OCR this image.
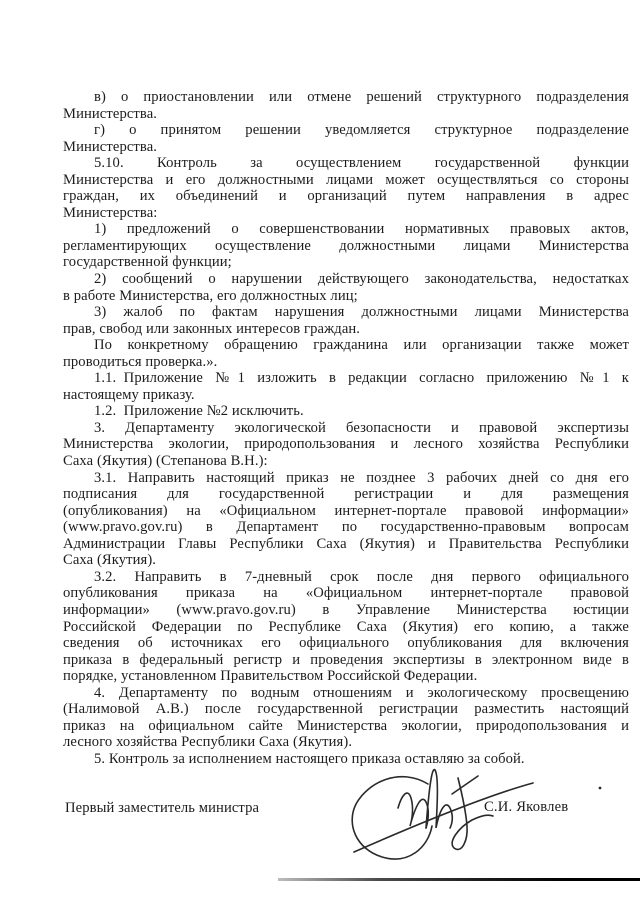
в) о приостановлении или отмене решений структурного подразделения
Министерства.
г) о принятом решении уведомляется структурное подразделение
Министерства.
5.10. Контроль за осуществлением государственной функции
Министерства и его должностными лицами может осуществляться со стороны
граждан, их объединений и организаций путем направления в адрес
Министерства:
1) предложений о совершенствовании нормативных правовых актов,
регламентирующих осуществление должностными лицами Министерства
государственной функции;
2) сообщений о нарушении действующего законодательства, недостатках
в работе Министерства, его должностных лиц;
3) жалоб по фактам нарушения должностными лицами Министерства
прав, свобод или законных интересов граждан.
По конкретному обращению гражданина или организации также может
проводиться проверка.».
1.1. Приложение №1 изложить в редакции согласно приложению №1 к
настоящему приказу.
1.2. Приложение №2 исключить.
3. Департаменту экологической безопасности и правовой экспертизы
Министерства экологии, природопользования и лесного хозяйства Республики
Саха (Якутия) (Степанова В.Н.):
3.1. Направить настоящий приказ не позднее 3 рабочих дней со дня его
подписания для государственной регистрации и для размещения
(опубликования) на «Официальном интернет-портале правовой информации»
(www.pravo.gov.ru) в Департамент по государственно-правовым вопросам
Администрации Главы Республики Саха (Якутия) и Правительства Республики
Саха (Якутия).
3.2. Направить в 7-дневный срок после дня первого официального
опубликования приказа на «Официальном интернет-портале правовой
информации» (www.pravo.gov.ru) в Управление Министерства юстиции
Российской Федерации по Республике Саха (Якутия) его копию, а также
сведения об источниках его официального опубликования для включения
приказа в федеральный регистр и проведения экспертизы в электронном виде в
порядке, установленном Правительством Российской Федерации.
4. Департаменту по водным отношениям и экологическому просвещению
(Налимовой А.В.) после государственной регистрации разместить настоящий
приказ на официальном сайте Министерства экологии, природопользования и
лесного хозяйства Республики Саха (Якутия).
5. Контроль за исполнением настоящего приказа оставляю за собой.
Первый заместитель министра	С.И. Яковлев
